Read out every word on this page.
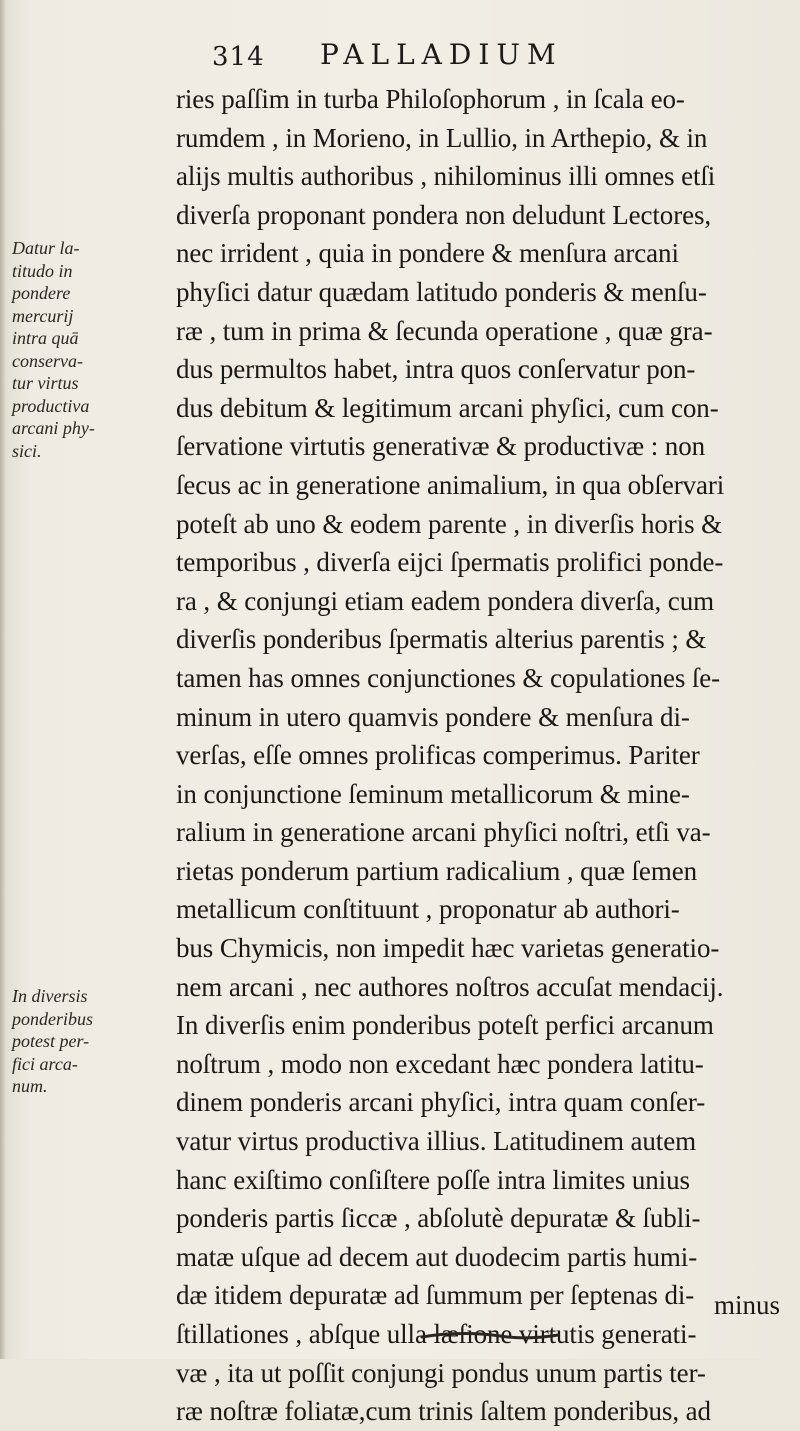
314 PALLADIUM
Datur la-
titudo in
pondere
mercurij
intra quā
conserva-
tur virtus
productiva
arcani phy-
sici.
In diversis
ponderibus
potest per-
fici arca-
num.
ries paſſim in turba Philoſophorum , in ſcala eo-
rumdem , in Morieno, in Lullio, in Arthepio, & in
alijs multis authoribus , nihilominus illi omnes etſi
diverſa proponant pondera non deludunt Lectores,
nec irrident , quia in pondere & menſura arcani
phyſici datur quædam latitudo ponderis & menſu-
ræ , tum in prima & ſecunda operatione , quæ gra-
dus permultos habet, intra quos conſervatur pon-
dus debitum & legitimum arcani phyſici, cum con-
ſervatione virtutis generativæ & productivæ : non
ſecus ac in generatione animalium, in qua obſervari
poteſt ab uno & eodem parente , in diverſis horis &
temporibus , diverſa eijci ſpermatis prolifici ponde-
ra , & conjungi etiam eadem pondera diverſa, cum
diverſis ponderibus ſpermatis alterius parentis ; &
tamen has omnes conjunctiones & copulationes ſe-
minum in utero quamvis pondere & menſura di-
verſas, eſſe omnes prolificas comperimus. Pariter
in conjunctione ſeminum metallicorum & mine-
ralium in generatione arcani phyſici noſtri, etſi va-
rietas ponderum partium radicalium , quæ ſemen
metallicum conſtituunt , proponatur ab authori-
bus Chymicis, non impedit hæc varietas generatio-
nem arcani , nec authores noſtros accuſat mendacij.
In diverſis enim ponderibus poteſt perfici arcanum
noſtrum , modo non excedant hæc pondera latitu-
dinem ponderis arcani phyſici, intra quam conſer-
vatur virtus productiva illius. Latitudinem autem
hanc exiſtimo conſiſtere poſſe intra limites unius
ponderis partis ſiccæ , abſolutè depuratæ & ſubli-
matæ uſque ad decem aut duodecim partis humi-
dæ itidem depuratæ ad ſummum per ſeptenas di-
ſtillationes , abſque ulla læſione virtutis generati-
væ , ita ut poſſit conjungi pondus unum partis ter-
ræ noſtræ foliatæ,cum trinis ſaltem ponderibus, ad
minus
